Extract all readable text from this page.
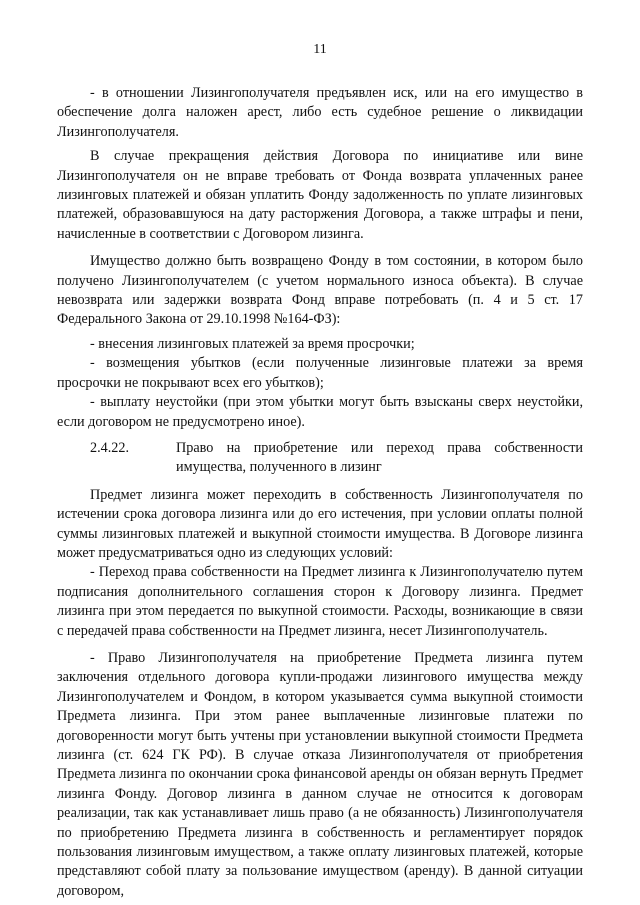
11

- в отношении Лизингополучателя предъявлен иск, или на его имущество в обеспечение долга наложен арест, либо есть судебное решение о ликвидации Лизингополучателя.

В случае прекращения действия Договора по инициативе или вине Лизингополучателя он не вправе требовать от Фонда возврата уплаченных ранее лизинговых платежей и обязан уплатить Фонду задолженность по уплате лизинговых платежей, образовавшуюся на дату расторжения Договора, а также штрафы и пени, начисленные в соответствии с Договором лизинга.

Имущество должно быть возвращено Фонду в том состоянии, в котором было получено Лизингополучателем (с учетом нормального износа объекта). В случае невозврата или задержки возврата Фонд вправе потребовать (п. 4 и 5 ст. 17 Федерального Закона от 29.10.1998 №164-ФЗ):

- внесения лизинговых платежей за время просрочки;

- возмещения убытков (если полученные лизинговые платежи за время просрочки не покрывают всех его убытков);

- выплату неустойки (при этом убытки могут быть взысканы сверх неустойки, если договором не предусмотрено иное).

2.4.22.	Право на приобретение или переход права собственности имущества, полученного в лизинг

Предмет лизинга может переходить в собственность Лизингополучателя по истечении срока договора лизинга или до его истечения, при условии оплаты полной суммы лизинговых платежей и выкупной стоимости имущества. В Договоре лизинга может предусматриваться одно из следующих условий:

- Переход права собственности на Предмет лизинга к Лизингополучателю путем подписания дополнительного соглашения сторон к Договору лизинга. Предмет лизинга при этом передается по выкупной стоимости. Расходы, возникающие в связи с передачей права собственности на Предмет лизинга, несет Лизингополучатель.

- Право Лизингополучателя на приобретение Предмета лизинга путем заключения отдельного договора купли-продажи лизингового имущества между Лизингополучателем и Фондом, в котором указывается сумма выкупной стоимости Предмета лизинга. При этом ранее выплаченные лизинговые платежи по договоренности могут быть учтены при установлении выкупной стоимости Предмета лизинга (ст. 624 ГК РФ). В случае отказа Лизингополучателя от приобретения Предмета лизинга по окончании срока финансовой аренды он обязан вернуть Предмет лизинга Фонду. Договор лизинга в данном случае не относится к договорам реализации, так как устанавливает лишь право (а не обязанность) Лизингополучателя по приобретению Предмета лизинга в собственность и регламентирует порядок пользования лизинговым имуществом, а также оплату лизинговых платежей, которые представляют собой плату за пользование имуществом (аренду). В данной ситуации договором,
